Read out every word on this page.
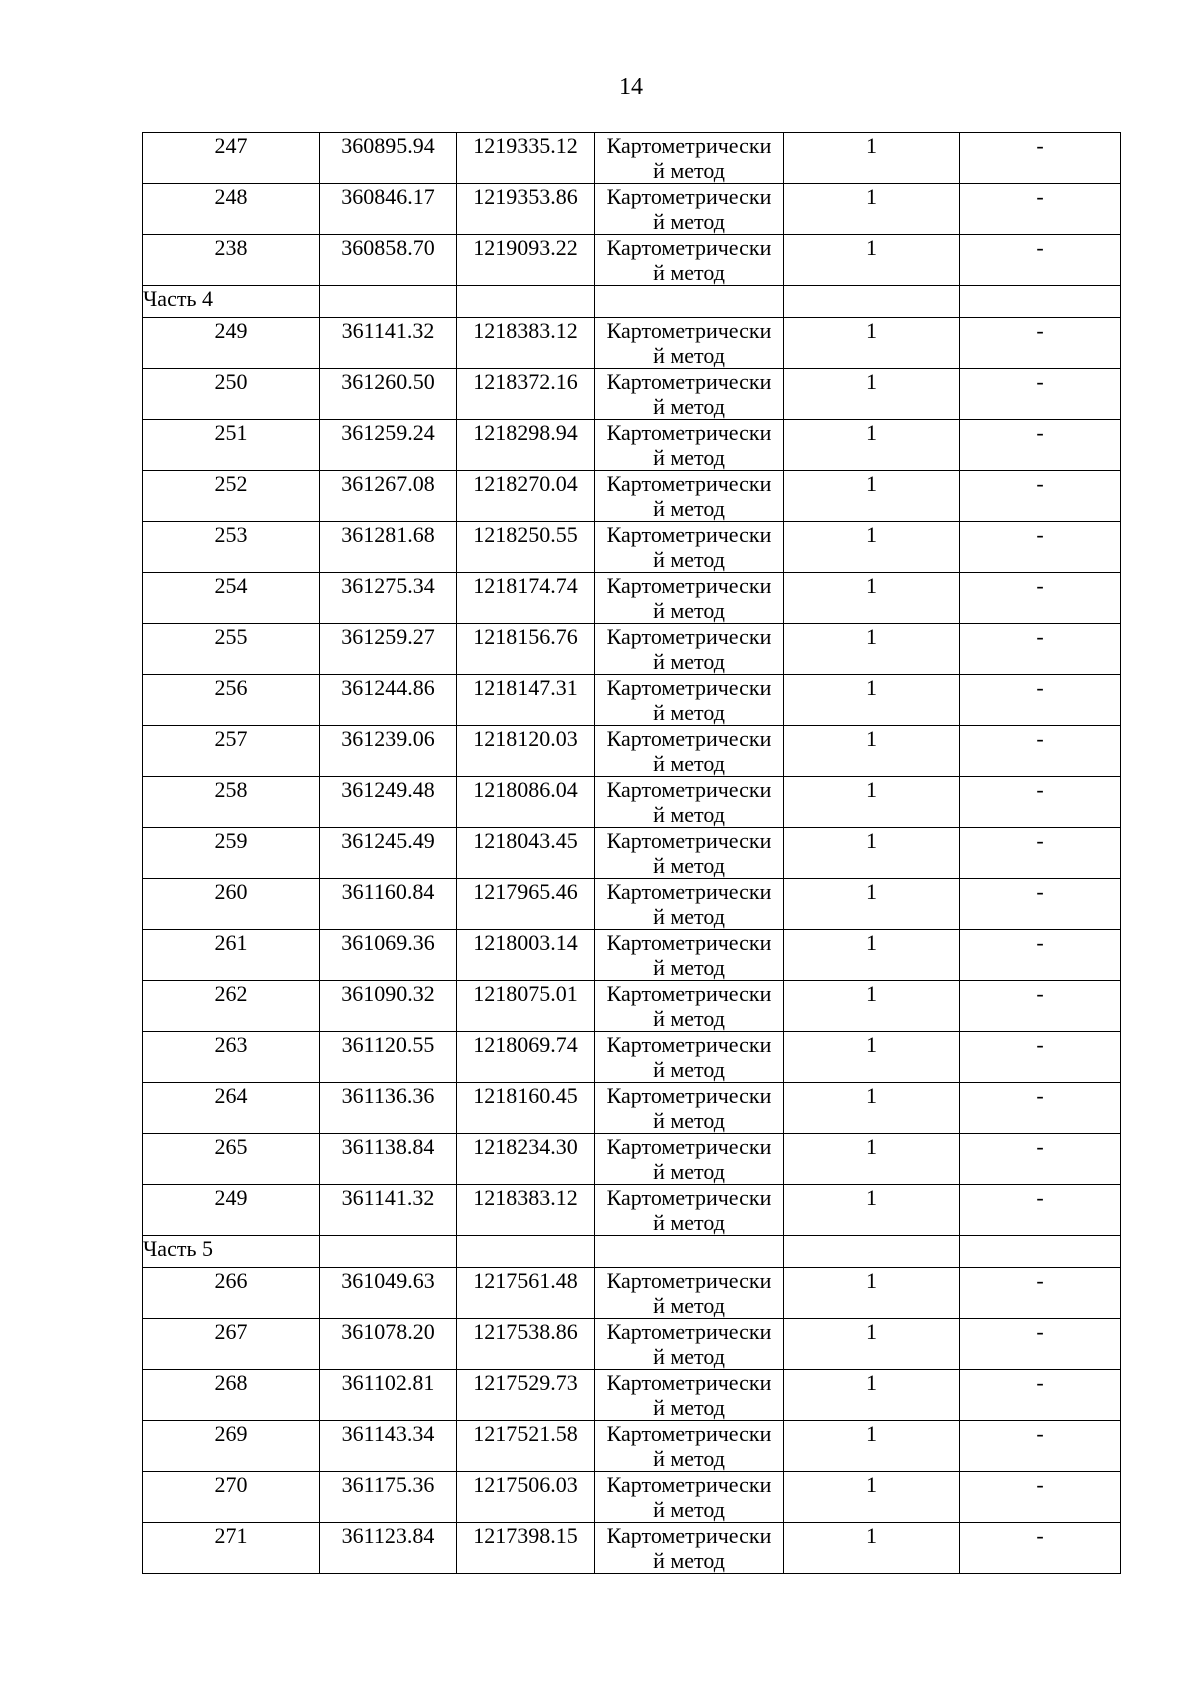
14
247	360895.94	1219335.12	Картометрически
й метод	1	-
248	360846.17	1219353.86	Картометрически
й метод	1	-
238	360858.70	1219093.22	Картометрически
й метод	1	-
Часть 4					
249	361141.32	1218383.12	Картометрически
й метод	1	-
250	361260.50	1218372.16	Картометрически
й метод	1	-
251	361259.24	1218298.94	Картометрически
й метод	1	-
252	361267.08	1218270.04	Картометрически
й метод	1	-
253	361281.68	1218250.55	Картометрически
й метод	1	-
254	361275.34	1218174.74	Картометрически
й метод	1	-
255	361259.27	1218156.76	Картометрически
й метод	1	-
256	361244.86	1218147.31	Картометрически
й метод	1	-
257	361239.06	1218120.03	Картометрически
й метод	1	-
258	361249.48	1218086.04	Картометрически
й метод	1	-
259	361245.49	1218043.45	Картометрически
й метод	1	-
260	361160.84	1217965.46	Картометрически
й метод	1	-
261	361069.36	1218003.14	Картометрически
й метод	1	-
262	361090.32	1218075.01	Картометрически
й метод	1	-
263	361120.55	1218069.74	Картометрически
й метод	1	-
264	361136.36	1218160.45	Картометрически
й метод	1	-
265	361138.84	1218234.30	Картометрически
й метод	1	-
249	361141.32	1218383.12	Картометрически
й метод	1	-
Часть 5					
266	361049.63	1217561.48	Картометрически
й метод	1	-
267	361078.20	1217538.86	Картометрически
й метод	1	-
268	361102.81	1217529.73	Картометрически
й метод	1	-
269	361143.34	1217521.58	Картометрически
й метод	1	-
270	361175.36	1217506.03	Картометрически
й метод	1	-
271	361123.84	1217398.15	Картометрически
й метод	1	-
